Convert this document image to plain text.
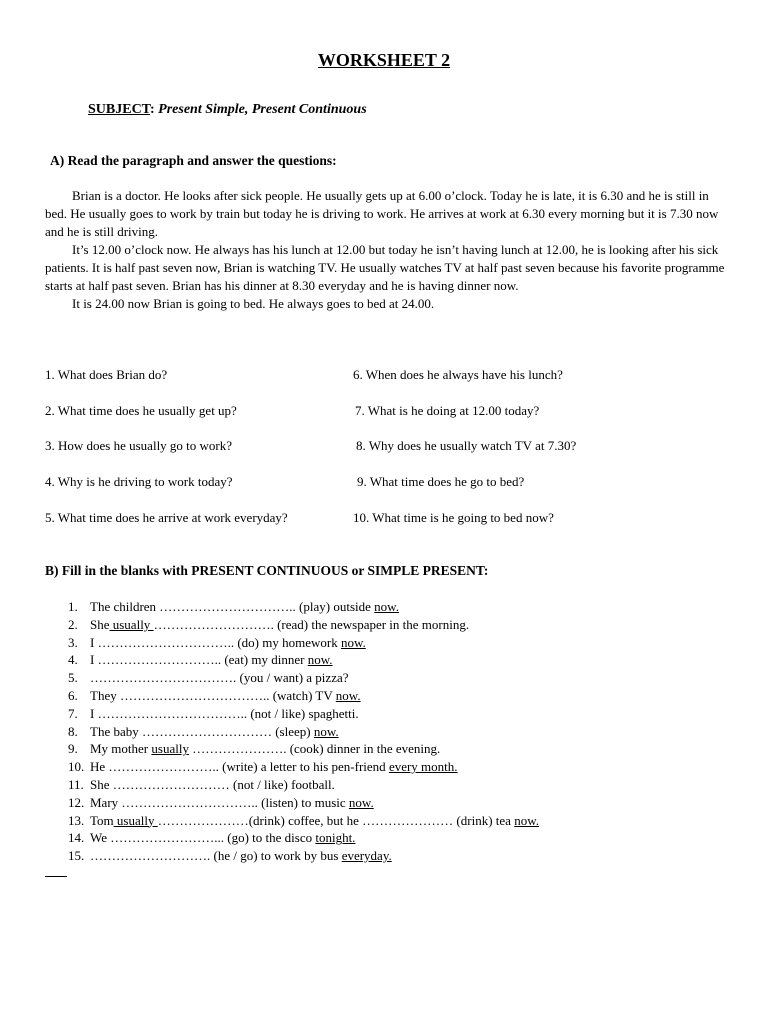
WORKSHEET 2
SUBJECT: Present Simple, Present Continuous
A) Read the paragraph and answer the questions:

Brian is a doctor. He looks after sick people. He usually gets up at 6.00 o’clock. Today he is late, it is 6.30 and he is still in bed. He usually goes to work by train but today he is driving to work. He arrives at work at 6.30 every morning but it is 7.30 now and he is still driving.

It’s 12.00 o’clock now. He always has his lunch at 12.00 but today he isn’t having lunch at 12.00, he is looking after his sick patients. It is half past seven now, Brian is watching TV. He usually watches TV at half past seven because his favorite programme starts at half past seven. Brian has his dinner at 8.30 everyday and he is having dinner now.

It is 24.00 now Brian is going to bed. He always goes to bed at 24.00.

1. What does Brian do?
2. What time does he usually get up?
3. How does he usually go to work?
4. Why is he driving to work today?
5. What time does he arrive at work everyday?
6. When does he always have his lunch?
7. What is he doing at 12.00 today?
8. Why does he usually watch TV at 7.30?
9. What time does he go to bed?
10. What time is he going to bed now?
B) Fill in the blanks with PRESENT CONTINUOUS or SIMPLE PRESENT:
1. The children ………………………….. (play) outside now.
2. She usually ………………………. (read) the newspaper in the morning.
3. I ………………………….. (do) my homework now.
4. I ……………………….. (eat) my dinner now.
5. ……………………………. (you / want) a pizza?
6. They …………………………….. (watch) TV now.
7. I …………………………….. (not / like) spaghetti.
8. The baby ………………………… (sleep) now.
9. My mother usually …………………. (cook) dinner in the evening.
10. He …………………….. (write) a letter to his pen-friend every month.
11. She ……………………… (not / like) football.
12. Mary ………………………….. (listen) to music now.
13. Tom usually …………………(drink) coffee, but he ………………… (drink) tea now.
14. We ……………………... (go) to the disco tonight.
15. ………………………. (he / go) to work by bus everyday.
